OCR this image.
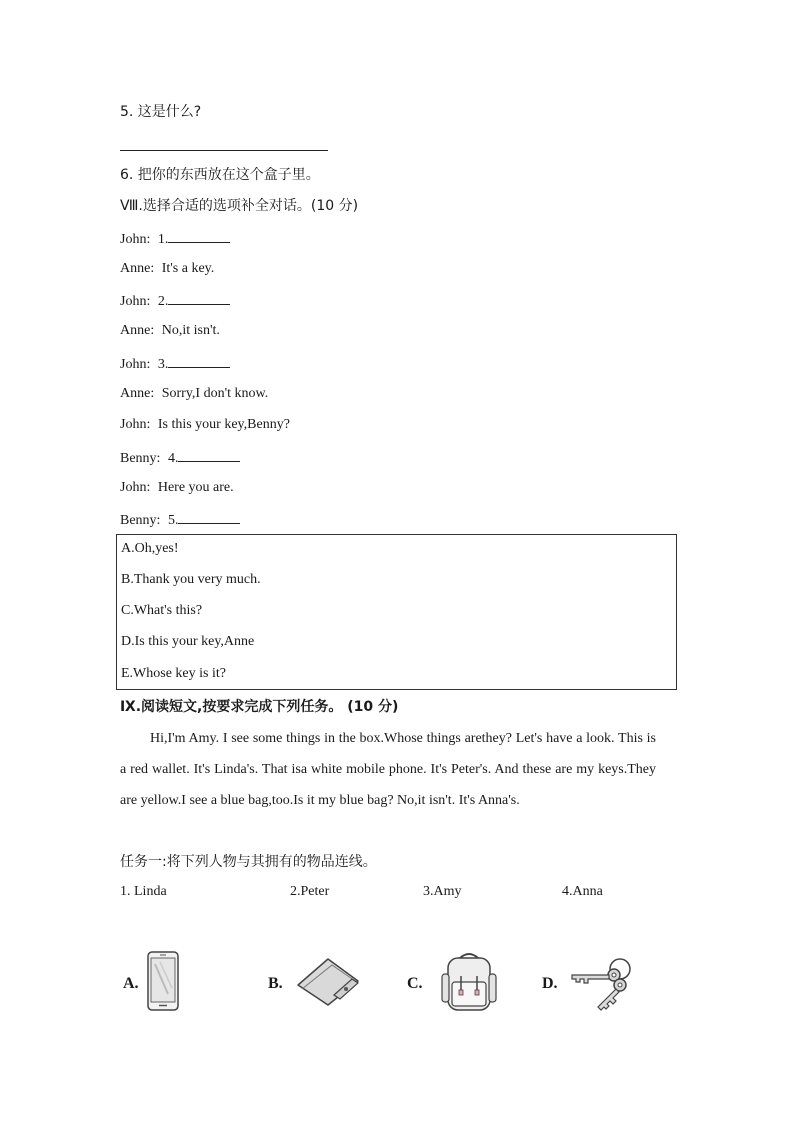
5. 这是什么?
6. 把你的东西放在这个盒子里。
Ⅷ.选择合适的选项补全对话。(10 分)
John: 1.
Anne: It's a key.
John: 2.
Anne: No,it isn't.
John: 3.
Anne: Sorry,I don't know.
John: Is this your key,Benny?
Benny: 4.
John: Here you are.
Benny: 5.
A.Oh,yes!
B.Thank you very much.
C.What's this?
D.Is this your key,Anne
E.Whose key is it?
Ⅸ.阅读短文,按要求完成下列任务。 (10 分)

Hi,I'm Amy. I see some things in the box.Whose things arethey? Let's have a look. This is a red wallet. It's Linda's. That isa white mobile phone. It's Peter's. And these are my keys.They are yellow.I see a blue bag,too.Is it my blue bag? No,it isn't. It's Anna's.

任务一:将下列人物与其拥有的物品连线。
1. Linda	2.Peter	3.Amy	4.Anna
A.	B.	C.	D.
